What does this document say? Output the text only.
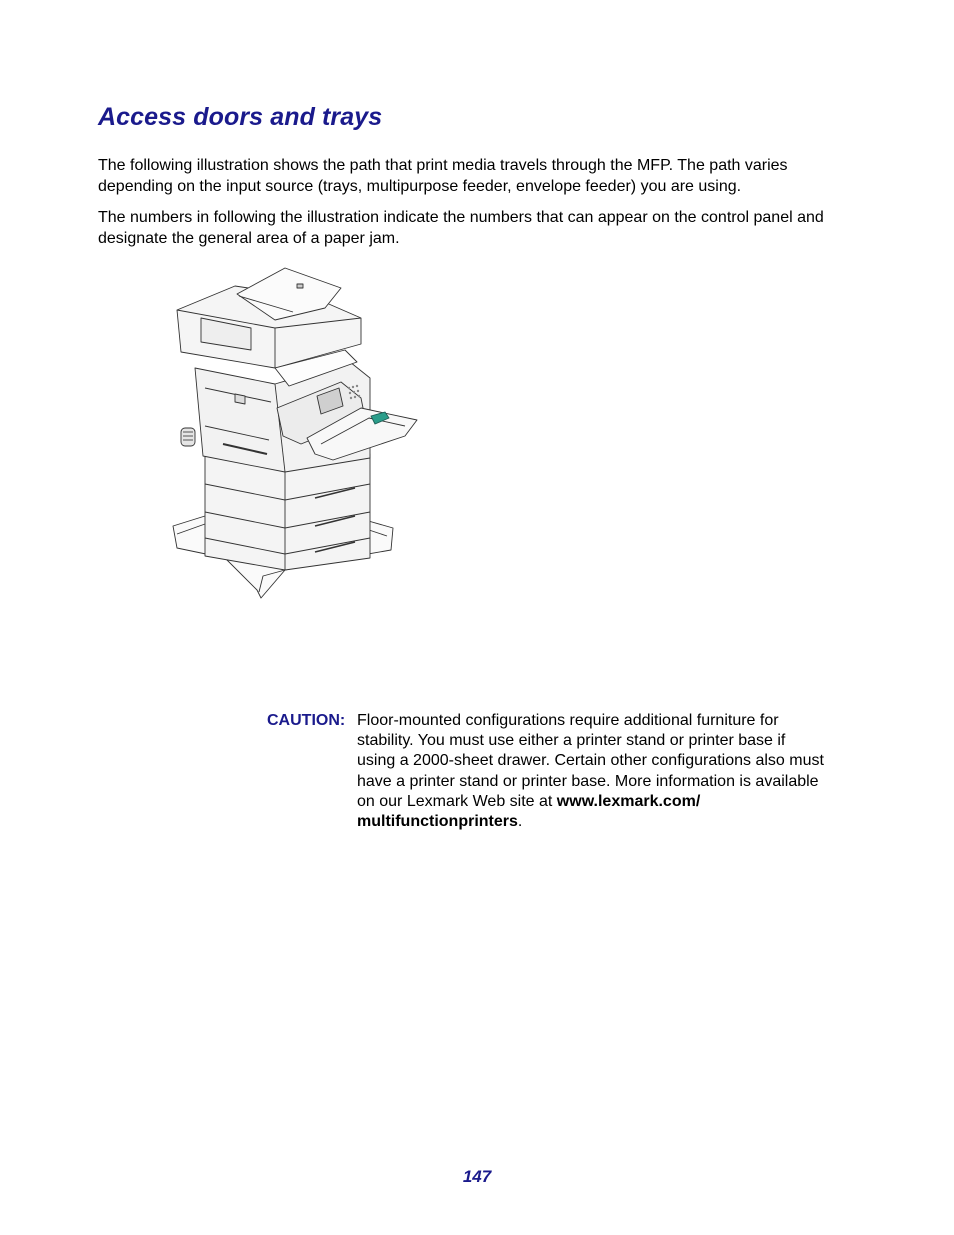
Access doors and trays

The following illustration shows the path that print media travels through the MFP. The path varies depending on the input source (trays, multipurpose feeder, envelope feeder) you are using.

The numbers in following the illustration indicate the numbers that can appear on the control panel and designate the general area of a paper jam.

CAUTION: Floor-mounted configurations require additional furniture for stability. You must use either a printer stand or printer base if using a 2000-sheet drawer. Certain other configurations also must have a printer stand or printer base. More information is available on our Lexmark Web site at www.lexmark.com/ multifunctionprinters.

147
